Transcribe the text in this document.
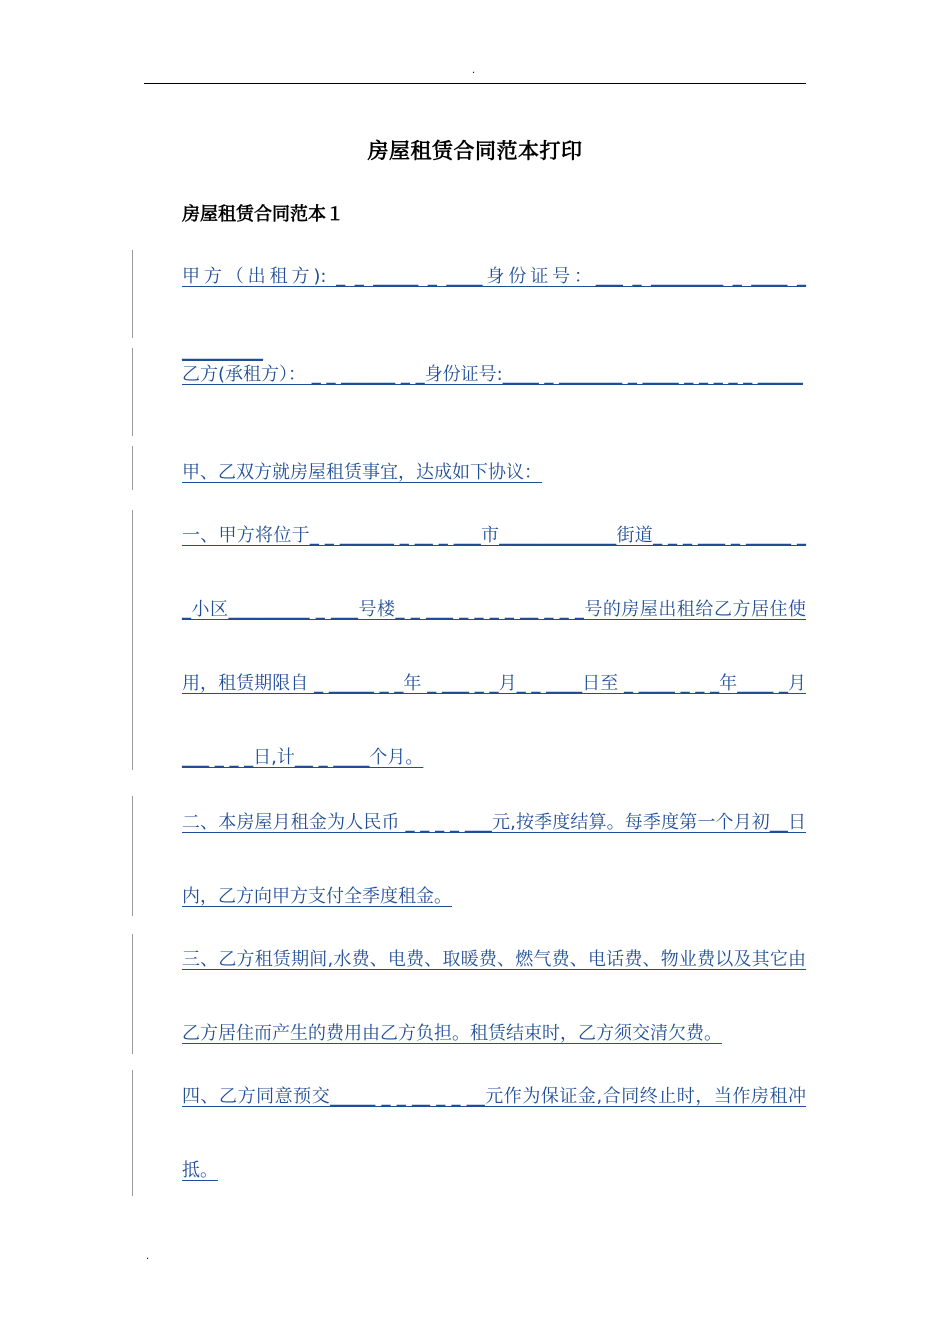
.
房屋租赁合同范本打印
房屋租赁合同范本１
甲方（出租方): _ _ _____ _ ____身份证号：___ _ ________ _ ____ _ _________
乙方(承租方）： _ _ ______ _ _身份证号:____ _ _______ _ ____ _ _ _ _ _ _____
甲、乙双方就房屋租赁事宜，达成如下协议：
一、甲方将位于_ _ ______ _ __ _ ___市_____________街道_ _ _ ___ _ _____ _ _小区_________ _ ___号楼_ _ ___ _ _ _ _ __ _ _ _号的房屋出租给乙方居住使用，租赁期限自 _ _____ _ _年 _ ___ _ _月_ _ ____日至 _ ____ _ _ _年____ _月___ _ _ _日,计__ _ ____个月。
二、本房屋月租金为人民币 _ _ _ _ ___元,按季度结算。每季度第一个月初__日内，乙方向甲方支付全季度租金。
三、乙方租赁期间,水费、电费、取暖费、燃气费、电话费、物业费以及其它由乙方居住而产生的费用由乙方负担。租赁结束时，乙方须交清欠费。
四、乙方同意预交_____ _ _ __ _ _ __元作为保证金,合同终止时，当作房租冲抵。
.
